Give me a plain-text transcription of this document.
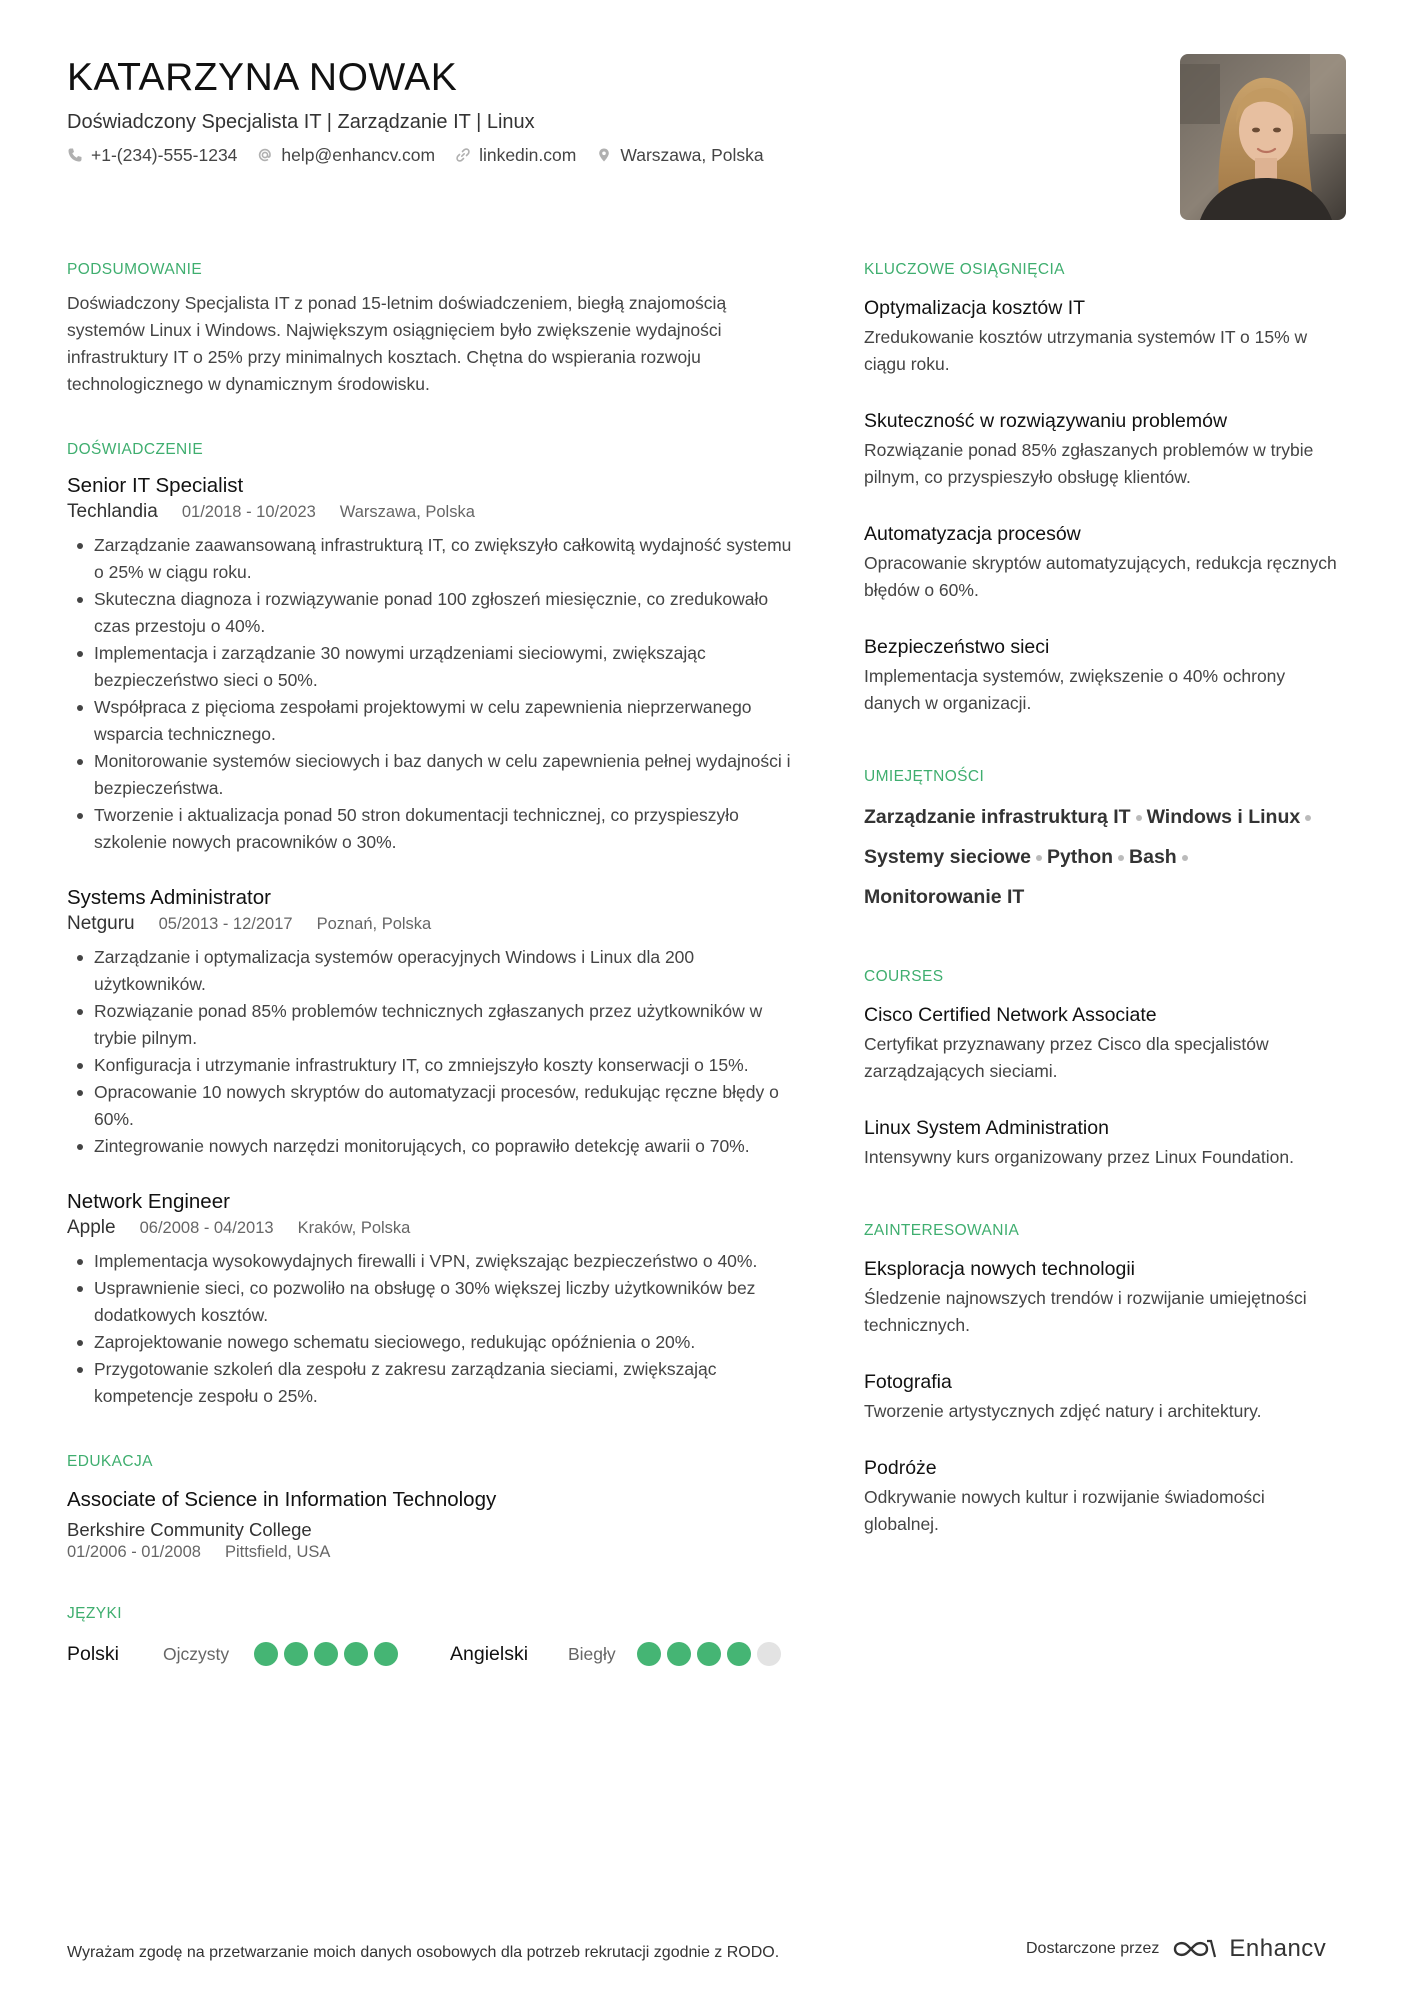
KATARZYNA NOWAK
Doświadczony Specjalista IT | Zarządzanie IT | Linux
+1-(234)-555-1234	help@enhancv.com	linkedin.com	Warszawa, Polska
PODSUMOWANIE
Doświadczony Specjalista IT z ponad 15-letnim doświadczeniem, biegłą znajomością systemów Linux i Windows. Największym osiągnięciem było zwiększenie wydajności infrastruktury IT o 25% przy minimalnych kosztach. Chętna do wspierania rozwoju technologicznego w dynamicznym środowisku.
DOŚWIADCZENIE
Senior IT Specialist
Techlandia 01/2018 - 10/2023 Warszawa, Polska
Zarządzanie zaawansowaną infrastrukturą IT, co zwiększyło całkowitą wydajność systemu o 25% w ciągu roku.
Skuteczna diagnoza i rozwiązywanie ponad 100 zgłoszeń miesięcznie, co zredukowało czas przestoju o 40%.
Implementacja i zarządzanie 30 nowymi urządzeniami sieciowymi, zwiększając bezpieczeństwo sieci o 50%.
Współpraca z pięcioma zespołami projektowymi w celu zapewnienia nieprzerwanego wsparcia technicznego.
Monitorowanie systemów sieciowych i baz danych w celu zapewnienia pełnej wydajności i bezpieczeństwa.
Tworzenie i aktualizacja ponad 50 stron dokumentacji technicznej, co przyspieszyło szkolenie nowych pracowników o 30%.
Systems Administrator
Netguru 05/2013 - 12/2017 Poznań, Polska
Zarządzanie i optymalizacja systemów operacyjnych Windows i Linux dla 200 użytkowników.
Rozwiązanie ponad 85% problemów technicznych zgłaszanych przez użytkowników w trybie pilnym.
Konfiguracja i utrzymanie infrastruktury IT, co zmniejszyło koszty konserwacji o 15%.
Opracowanie 10 nowych skryptów do automatyzacji procesów, redukując ręczne błędy o 60%.
Zintegrowanie nowych narzędzi monitorujących, co poprawiło detekcję awarii o 70%.
Network Engineer
Apple 06/2008 - 04/2013 Kraków, Polska
Implementacja wysokowydajnych firewalli i VPN, zwiększając bezpieczeństwo o 40%.
Usprawnienie sieci, co pozwoliło na obsługę o 30% większej liczby użytkowników bez dodatkowych kosztów.
Zaprojektowanie nowego schematu sieciowego, redukując opóźnienia o 20%.
Przygotowanie szkoleń dla zespołu z zakresu zarządzania sieciami, zwiększając kompetencje zespołu o 25%.
EDUKACJA
Associate of Science in Information Technology
Berkshire Community College
01/2006 - 01/2008 Pittsfield, USA
JĘZYKI
Polski	Ojczysty	Angielski	Biegły
KLUCZOWE OSIĄGNIĘCIA
Optymalizacja kosztów IT
Zredukowanie kosztów utrzymania systemów IT o 15% w ciągu roku.
Skuteczność w rozwiązywaniu problemów
Rozwiązanie ponad 85% zgłaszanych problemów w trybie pilnym, co przyspieszyło obsługę klientów.
Automatyzacja procesów
Opracowanie skryptów automatyzujących, redukcja ręcznych błędów o 60%.
Bezpieczeństwo sieci
Implementacja systemów, zwiększenie o 40% ochrony danych w organizacji.
UMIEJĘTNOŚCI
Zarządzanie infrastrukturą IT Windows i Linux
Systemy sieciowe Python Bash
Monitorowanie IT
COURSES
Cisco Certified Network Associate
Certyfikat przyznawany przez Cisco dla specjalistów zarządzających sieciami.
Linux System Administration
Intensywny kurs organizowany przez Linux Foundation.
ZAINTERESOWANIA
Eksploracja nowych technologii
Śledzenie najnowszych trendów i rozwijanie umiejętności technicznych.
Fotografia
Tworzenie artystycznych zdjęć natury i architektury.
Podróże
Odkrywanie nowych kultur i rozwijanie świadomości globalnej.
Wyrażam zgodę na przetwarzanie moich danych osobowych dla potrzeb rekrutacji zgodnie z RODO.	Dostarczone przez	Enhancv
